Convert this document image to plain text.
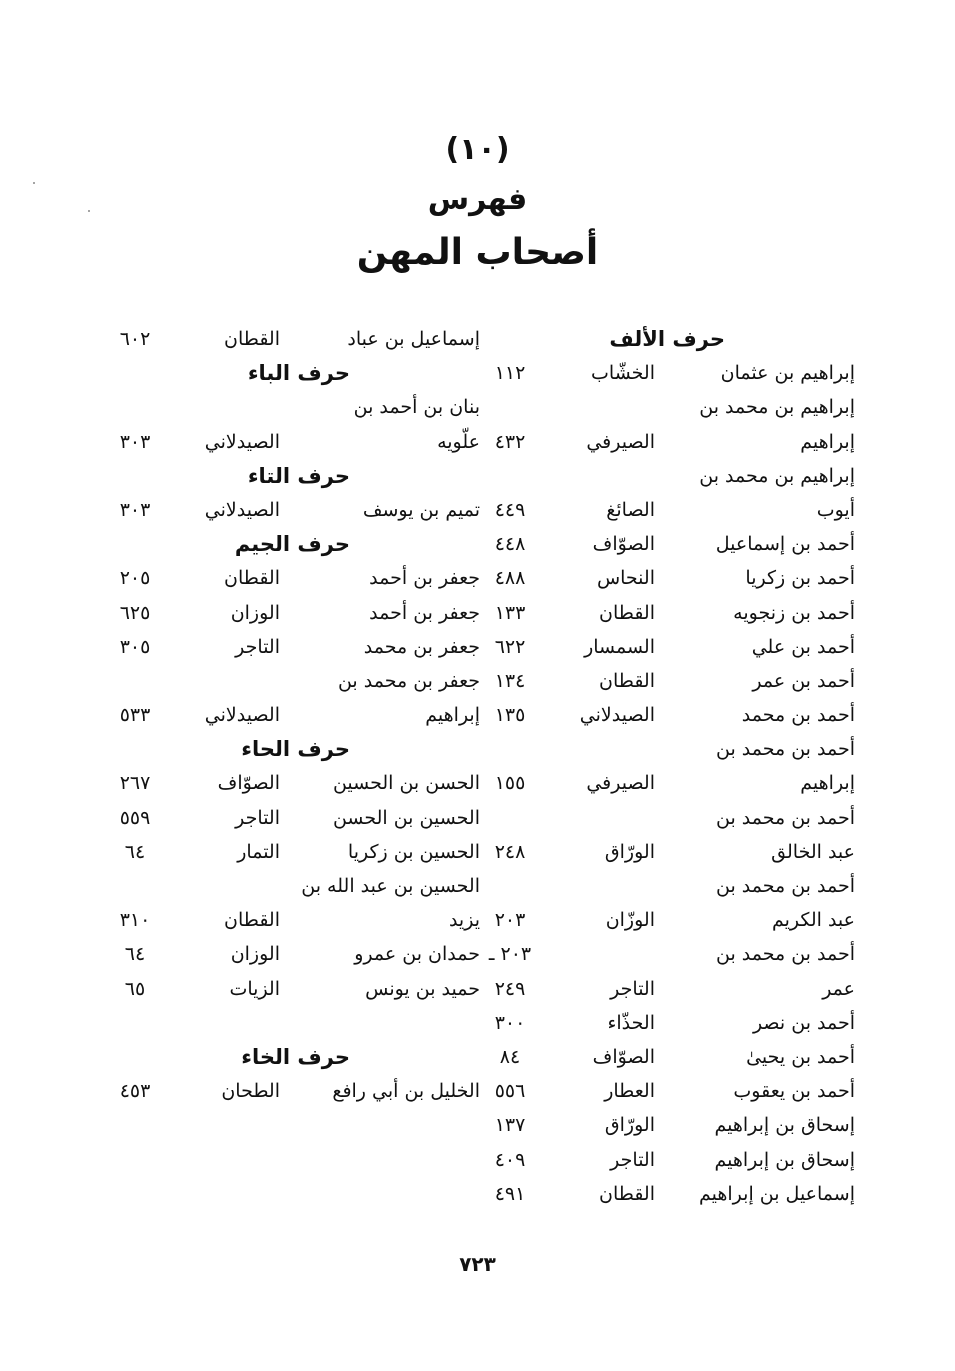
(١٠)
فهرس
أصحاب المهن
حرف الألف
إبراهيم بن عثمان
الخشّاب
١١٢
إبراهيم بن محمد بن
إبراهيم
الصيرفي
٤٣٢
إبراهيم بن محمد بن
أيوب
الصائغ
٤٤٩
أحمد بن إسماعيل
الصوّاف
٤٤٨
أحمد بن زكريا
النحاس
٤٨٨
أحمد بن زنجويه
القطان
١٣٣
أحمد بن علي
السمسار
٦٢٢
أحمد بن عمر
القطان
١٣٤
أحمد بن محمد
الصيدلاني
١٣٥
أحمد بن محمد بن
إبراهيم
الصيرفي
١٥٥
أحمد بن محمد بن
عبد الخالق
الورّاق
٢٤٨
أحمد بن محمد بن
عبد الكريم
الوزّان
٢٠٣
أحمد بن محمد بن
٢٠٣ ـ
عمر
التاجر
٢٤٩
أحمد بن نصر
الحذّاء
٣٠٠
أحمد بن يحيىٰ
الصوّاف
٨٤
أحمد بن يعقوب
العطار
٥٥٦
إسحاق بن إبراهيم
الورّاق
١٣٧
إسحاق بن إبراهيم
التاجر
٤٠٩
إسماعيل بن إبراهيم
القطان
٤٩١
إسماعيل بن عباد
القطان
٦٠٢
حرف الباء
بنان بن أحمد بن
علّويه
الصيدلاني
٣٠٣
حرف التاء
تميم بن يوسف
الصيدلاني
٣٠٣
حرف الجيم
جعفر بن أحمد
القطان
٢٠٥
جعفر بن أحمد
الوزان
٦٢٥
جعفر بن محمد
التاجر
٣٠٥
جعفر بن محمد بن
إبراهيم
الصيدلاني
٥٣٣
حرف الحاء
الحسن بن الحسين
الصوّاف
٢٦٧
الحسين بن الحسن
التاجر
٥٥٩
الحسين بن زكريا
التمار
٦٤
الحسين بن عبد الله بن
يزيد
القطان
٣١٠
حمدان بن عمرو
الوزان
٦٤
حميد بن يونس
الزيات
٦٥
حرف الخاء
الخليل بن أبي رافع
الطحان
٤٥٣
٧٢٣
